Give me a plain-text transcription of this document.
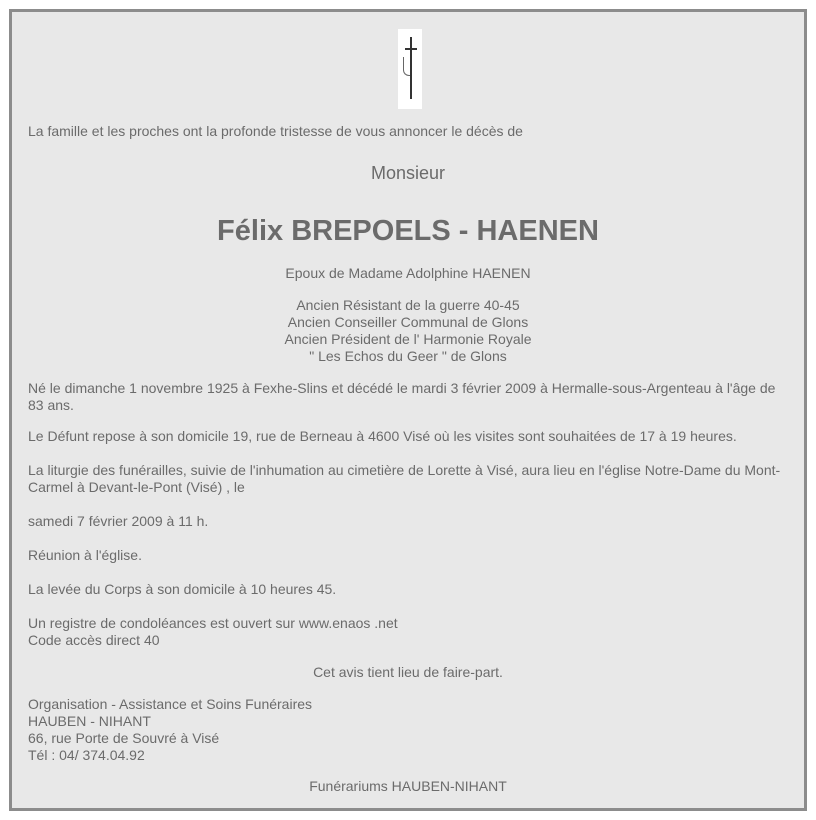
La famille et les proches ont la profonde tristesse de vous annoncer le décès de
Monsieur
Félix BREPOELS - HAENEN
Epoux de Madame Adolphine HAENEN
Ancien Résistant de la guerre 40-45
Ancien Conseiller Communal de Glons
Ancien Président de l' Harmonie Royale
" Les Echos du Geer " de Glons
Né le dimanche 1 novembre 1925 à Fexhe-Slins et décédé le mardi 3 février 2009 à Hermalle-sous-Argenteau à l'âge de 83 ans.
Le Défunt repose à son domicile 19, rue de Berneau à 4600 Visé où les visites sont souhaitées de 17 à 19 heures.
La liturgie des funérailles, suivie de l'inhumation au cimetière de Lorette à Visé, aura lieu en l'église Notre-Dame du Mont-Carmel à Devant-le-Pont (Visé) , le
samedi 7 février 2009 à 11 h.
Réunion à l'église.
La levée du Corps à son domicile à 10 heures 45.
Un registre de condoléances est ouvert sur www.enaos .net
Code accès direct 40
Cet avis tient lieu de faire-part.
Organisation - Assistance et Soins Funéraires
HAUBEN - NIHANT
66, rue Porte de Souvré à Visé
Tél : 04/ 374.04.92
Funérariums HAUBEN-NIHANT
